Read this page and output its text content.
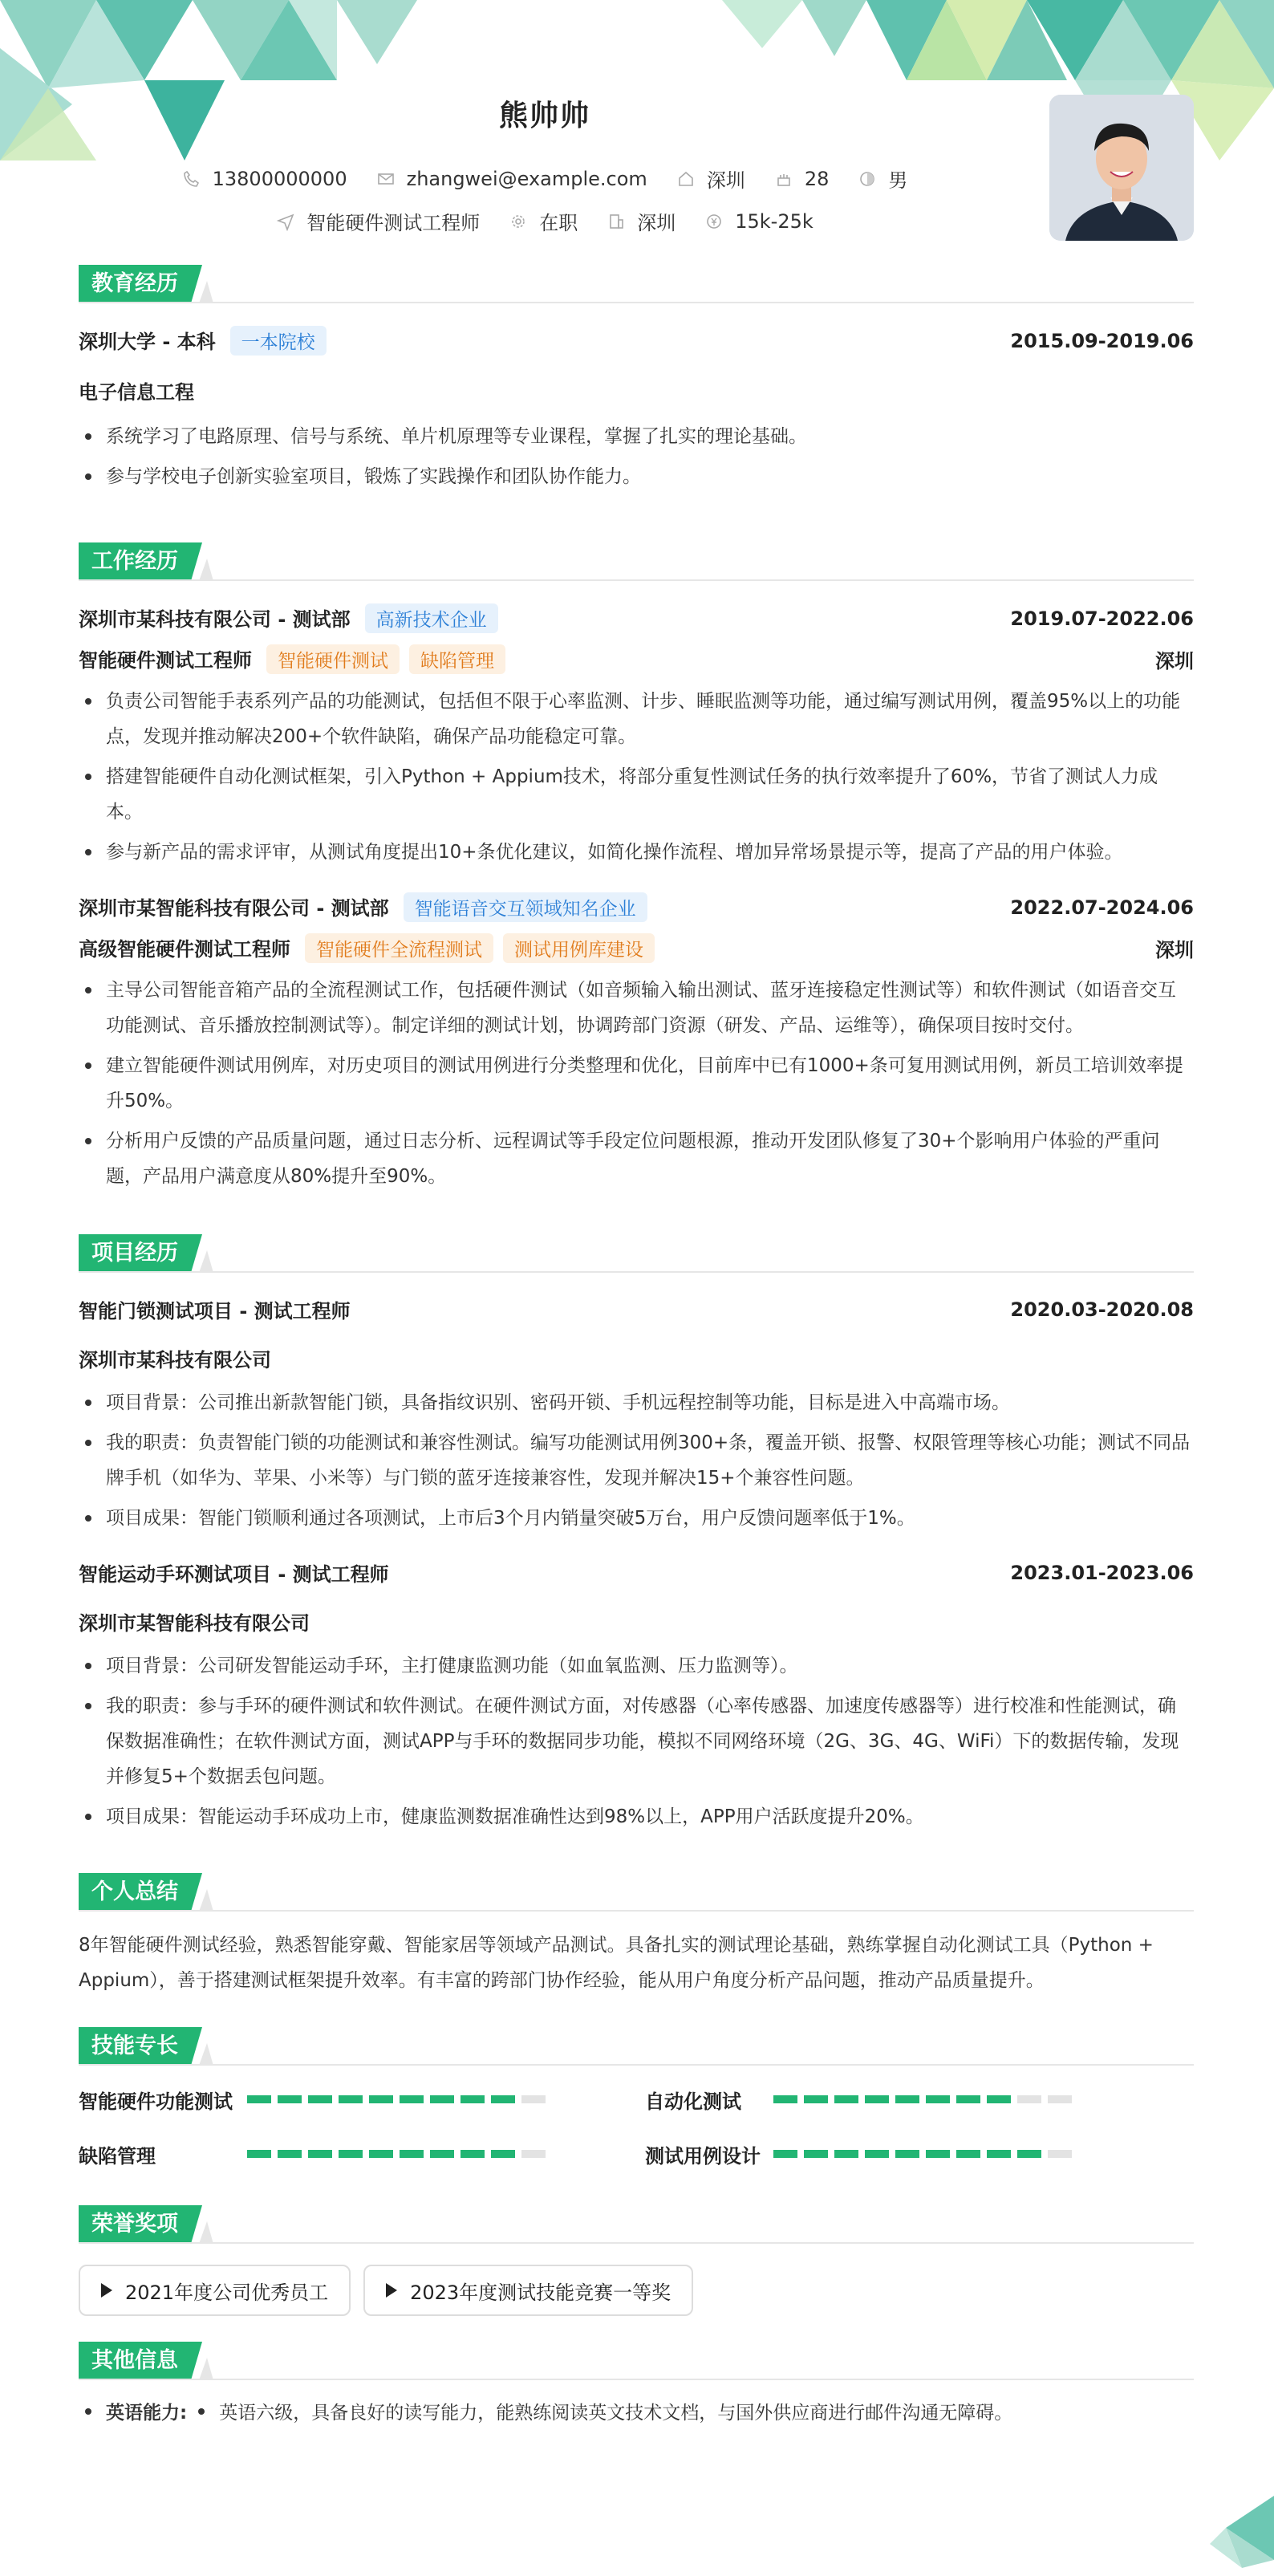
熊帅帅
13800000000	zhangwei@example.com	深圳	28	男
智能硬件测试工程师	在职	深圳	15k-25k
教育经历
深圳大学 - 本科 一本院校	2015.09-2019.06
电子信息工程
系统学习了电路原理、信号与系统、单片机原理等专业课程，掌握了扎实的理论基础。
参与学校电子创新实验室项目，锻炼了实践操作和团队协作能力。
工作经历
深圳市某科技有限公司 - 测试部 高新技术企业	2019.07-2022.06
智能硬件测试工程师 智能硬件测试 缺陷管理	深圳
负责公司智能手表系列产品的功能测试，包括但不限于心率监测、计步、睡眠监测等功能，通过编写测试用例，覆盖95%以上的功能点，发现并推动解决200+个软件缺陷，确保产品功能稳定可靠。
搭建智能硬件自动化测试框架，引入Python + Appium技术，将部分重复性测试任务的执行效率提升了60%，节省了测试人力成本。
参与新产品的需求评审，从测试角度提出10+条优化建议，如简化操作流程、增加异常场景提示等，提高了产品的用户体验。
深圳市某智能科技有限公司 - 测试部 智能语音交互领域知名企业	2022.07-2024.06
高级智能硬件测试工程师 智能硬件全流程测试 测试用例库建设	深圳
主导公司智能音箱产品的全流程测试工作，包括硬件测试（如音频输入输出测试、蓝牙连接稳定性测试等）和软件测试（如语音交互功能测试、音乐播放控制测试等）。制定详细的测试计划，协调跨部门资源（研发、产品、运维等），确保项目按时交付。
建立智能硬件测试用例库，对历史项目的测试用例进行分类整理和优化，目前库中已有1000+条可复用测试用例，新员工培训效率提升50%。
分析用户反馈的产品质量问题，通过日志分析、远程调试等手段定位问题根源，推动开发团队修复了30+个影响用户体验的严重问题，产品用户满意度从80%提升至90%。
项目经历
智能门锁测试项目 - 测试工程师	2020.03-2020.08
深圳市某科技有限公司
项目背景：公司推出新款智能门锁，具备指纹识别、密码开锁、手机远程控制等功能，目标是进入中高端市场。
我的职责：负责智能门锁的功能测试和兼容性测试。编写功能测试用例300+条，覆盖开锁、报警、权限管理等核心功能；测试不同品牌手机（如华为、苹果、小米等）与门锁的蓝牙连接兼容性，发现并解决15+个兼容性问题。
项目成果：智能门锁顺利通过各项测试，上市后3个月内销量突破5万台，用户反馈问题率低于1%。
智能运动手环测试项目 - 测试工程师	2023.01-2023.06
深圳市某智能科技有限公司
项目背景：公司研发智能运动手环，主打健康监测功能（如血氧监测、压力监测等）。
我的职责：参与手环的硬件测试和软件测试。在硬件测试方面，对传感器（心率传感器、加速度传感器等）进行校准和性能测试，确保数据准确性；在软件测试方面，测试APP与手环的数据同步功能，模拟不同网络环境（2G、3G、4G、WiFi）下的数据传输，发现并修复5+个数据丢包问题。
项目成果：智能运动手环成功上市，健康监测数据准确性达到98%以上，APP用户活跃度提升20%。
个人总结
8年智能硬件测试经验，熟悉智能穿戴、智能家居等领域产品测试。具备扎实的测试理论基础，熟练掌握自动化测试工具（Python + Appium），善于搭建测试框架提升效率。有丰富的跨部门协作经验，能从用户角度分析产品问题，推动产品质量提升。
技能专长
智能硬件功能测试	自动化测试
缺陷管理	测试用例设计
荣誉奖项
2021年度公司优秀员工	2023年度测试技能竞赛一等奖
其他信息
英语能力: 英语六级，具备良好的读写能力，能熟练阅读英文技术文档，与国外供应商进行邮件沟通无障碍。
